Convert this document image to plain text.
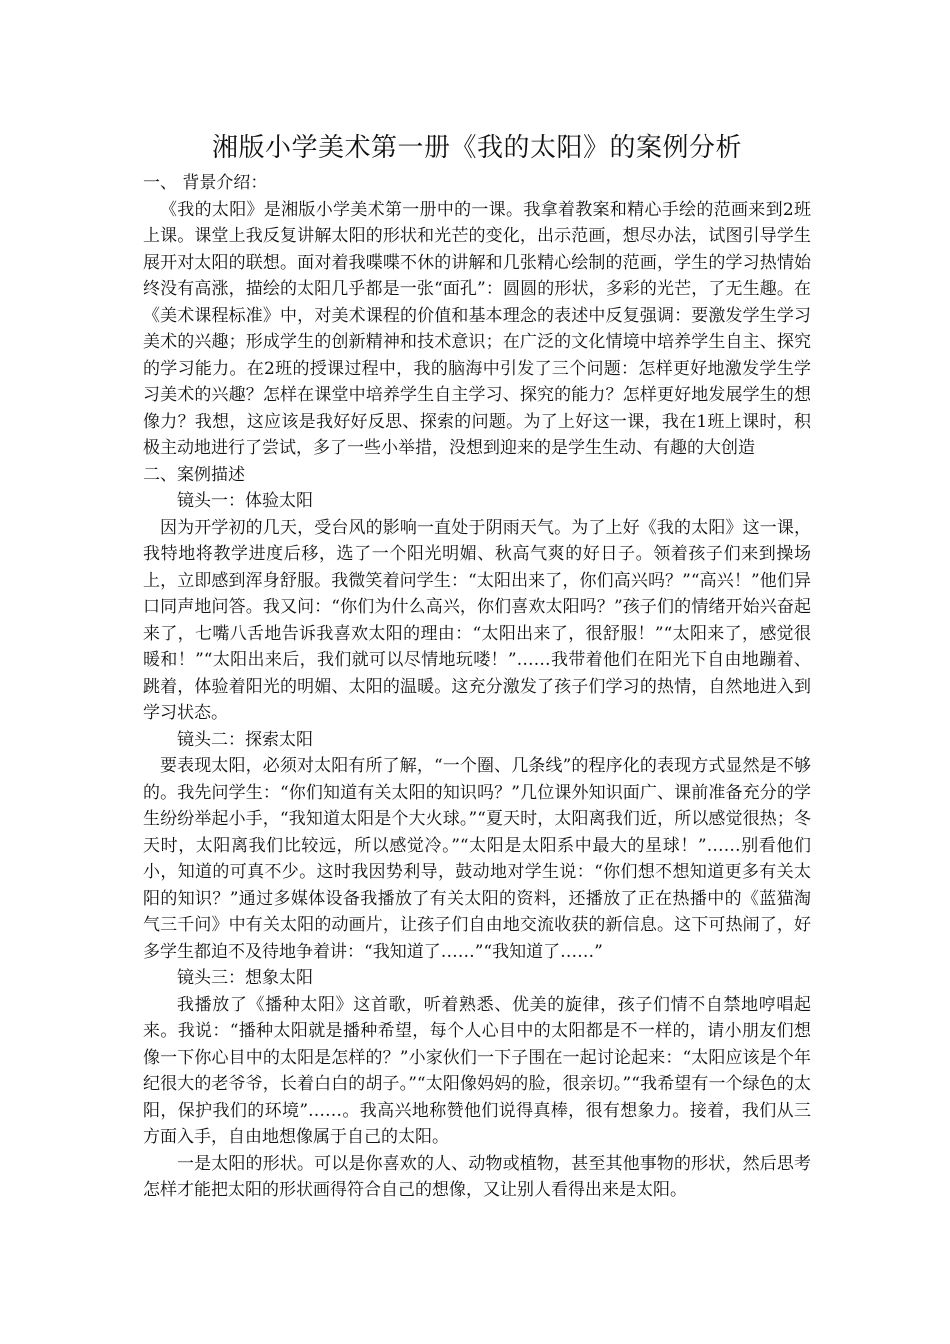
湘版小学美术第一册《我的太阳》的案例分析

一、 背景介绍：

《我的太阳》是湘版小学美术第一册中的一课。我拿着教案和精心手绘的范画来到2班上课。课堂上我反复讲解太阳的形状和光芒的变化，出示范画，想尽办法，试图引导学生展开对太阳的联想。面对着我喋喋不休的讲解和几张精心绘制的范画，学生的学习热情始终没有高涨，描绘的太阳几乎都是一张“面孔”：圆圆的形状，多彩的光芒，了无生趣。在《美术课程标准》中，对美术课程的价值和基本理念的表述中反复强调：要激发学生学习美术的兴趣；形成学生的创新精神和技术意识；在广泛的文化情境中培养学生自主、探究的学习能力。在2班的授课过程中，我的脑海中引发了三个问题：怎样更好地激发学生学习美术的兴趣？怎样在课堂中培养学生自主学习、探究的能力？怎样更好地发展学生的想像力？我想，这应该是我好好反思、探索的问题。为了上好这一课，我在1班上课时，积极主动地进行了尝试，多了一些小举措，没想到迎来的是学生生动、有趣的大创造

二、案例描述

镜头一：体验太阳

因为开学初的几天，受台风的影响一直处于阴雨天气。为了上好《我的太阳》这一课，我特地将教学进度后移，选了一个阳光明媚、秋高气爽的好日子。领着孩子们来到操场上，立即感到浑身舒服。我微笑着问学生：“太阳出来了，你们高兴吗？”“高兴！”他们异口同声地问答。我又问：“你们为什么高兴，你们喜欢太阳吗？”孩子们的情绪开始兴奋起来了，七嘴八舌地告诉我喜欢太阳的理由：“太阳出来了，很舒服！”“太阳来了，感觉很暖和！”“太阳出来后，我们就可以尽情地玩喽！”……我带着他们在阳光下自由地蹦着、跳着，体验着阳光的明媚、太阳的温暖。这充分激发了孩子们学习的热情，自然地进入到学习状态。

镜头二：探索太阳

要表现太阳，必须对太阳有所了解，“一个圈、几条线”的程序化的表现方式显然是不够的。我先问学生：“你们知道有关太阳的知识吗？”几位课外知识面广、课前准备充分的学生纷纷举起小手，“我知道太阳是个大火球。”“夏天时，太阳离我们近，所以感觉很热；冬天时，太阳离我们比较远，所以感觉冷。”“太阳是太阳系中最大的星球！”……别看他们小，知道的可真不少。这时我因势利导，鼓动地对学生说：“你们想不想知道更多有关太阳的知识？”通过多媒体设备我播放了有关太阳的资料，还播放了正在热播中的《蓝猫淘气三千问》中有关太阳的动画片，让孩子们自由地交流收获的新信息。这下可热闹了，好多学生都迫不及待地争着讲：“我知道了……”“我知道了……”

镜头三：想象太阳

我播放了《播种太阳》这首歌，听着熟悉、优美的旋律，孩子们情不自禁地哼唱起来。我说：“播种太阳就是播种希望，每个人心目中的太阳都是不一样的，请小朋友们想像一下你心目中的太阳是怎样的？”小家伙们一下子围在一起讨论起来：“太阳应该是个年纪很大的老爷爷，长着白白的胡子。”“太阳像妈妈的脸，很亲切。”“我希望有一个绿色的太阳，保护我们的环境”……。我高兴地称赞他们说得真棒，很有想象力。接着，我们从三方面入手，自由地想像属于自己的太阳。

一是太阳的形状。可以是你喜欢的人、动物或植物，甚至其他事物的形状，然后思考怎样才能把太阳的形状画得符合自己的想像，又让别人看得出来是太阳。
